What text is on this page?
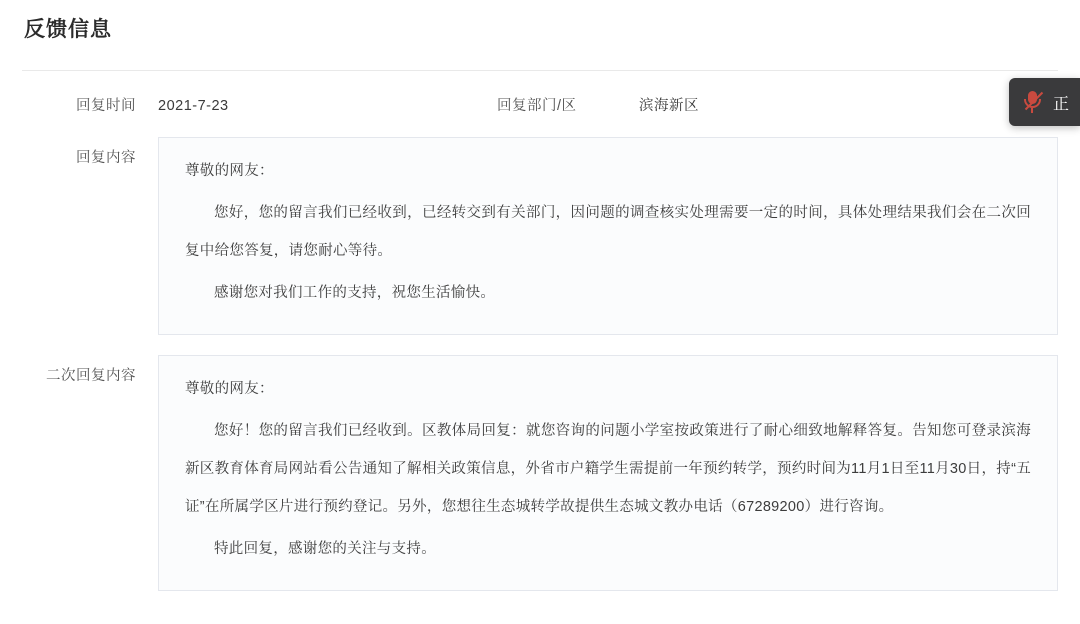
反馈信息
回复时间	2021-7-23	回复部门/区	滨海新区
回复内容

尊敬的网友：

您好，您的留言我们已经收到，已经转交到有关部门，因问题的调查核实处理需要一定的时间，具体处理结果我们会在二次回复中给您答复，请您耐心等待。

感谢您对我们工作的支持，祝您生活愉快。

二次回复内容

尊敬的网友：

您好！您的留言我们已经收到。区教体局回复：就您咨询的问题小学室按政策进行了耐心细致地解释答复。告知您可登录滨海新区教育体育局网站看公告通知了解相关政策信息，外省市户籍学生需提前一年预约转学，预约时间为11月1日至11月30日，持“五证”在所属学区片进行预约登记。另外，您想往生态城转学故提供生态城文教办电话（67289200）进行咨询。

特此回复，感谢您的关注与支持。

正
